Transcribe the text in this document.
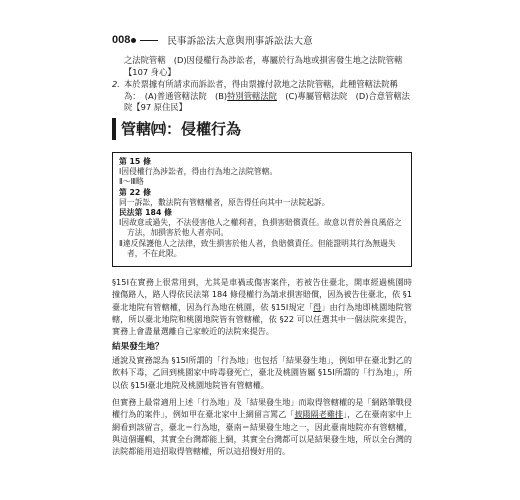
008	民事訴訟法大意與刑事訴訟法大意
之法院管轄　(D)因侵權行為涉訟者，專屬於行為地或損害發生地之法院管轄
【107 身心】
2. 本於票據有所請求而訴訟者，得由票據付款地之法院管轄，此種管轄法院稱
為：　(A)普通管轄法院　(B)特別管轄法院　(C)專屬管轄法院　(D)合意管轄法
院【97 原住民】
管轄㈣：侵權行為
第 15 條
Ⅰ因侵權行為涉訟者，得由行為地之法院管轄。
Ⅱ～Ⅲ略
第 22 條
同一訴訟，數法院有管轄權者，原告得任向其中一法院起訴。
民法第 184 條
Ⅰ因故意或過失，不法侵害他人之權利者，負損害賠償責任。故意以背於善良風俗之方法，加損害於他人者亦同。
Ⅱ違反保護他人之法律，致生損害於他人者，負賠償責任。但能證明其行為無過失者，不在此限。
§15Ⅰ在實務上很常用到，尤其是車禍或傷害案件，若被告住臺北，開車經過桃園時撞傷路人，路人得依民法第 184 條侵權行為請求損害賠償，因為被告住臺北，依 §1 臺北地院有管轄權，因為行為地在桃園，依 §15Ⅰ規定「得」由行為地即桃園地院管轄，所以臺北地院和桃園地院皆有管轄權，依 §22 可以任選其中一個法院來提告，實務上會盡量選離自己家較近的法院來提告。
結果發生地？
通說及實務認為 §15Ⅰ所謂的「行為地」也包括「結果發生地」，例如甲在臺北對乙的飲料下毒，乙回到桃園家中時毒發死亡，臺北及桃園皆屬 §15Ⅰ所謂的「行為地」，所以依 §15Ⅰ臺北地院及桃園地院皆有管轄權。
但實務上最常適用上述「行為地」及「結果發生地」而取得管轄權的是「網路筆戰侵權行為的案件」，例如甲在臺北家中上網留言罵乙「披陽隔老雞排」，乙在臺南家中上網看到該留言，臺北＝行為地，臺南＝結果發生地之一，因此臺南地院亦有管轄權，與這個邏輯，其實全台灣都能上網，其實全台灣都可以是結果發生地，所以全台灣的法院都能用這招取得管轄權，所以這招慢好用的。
